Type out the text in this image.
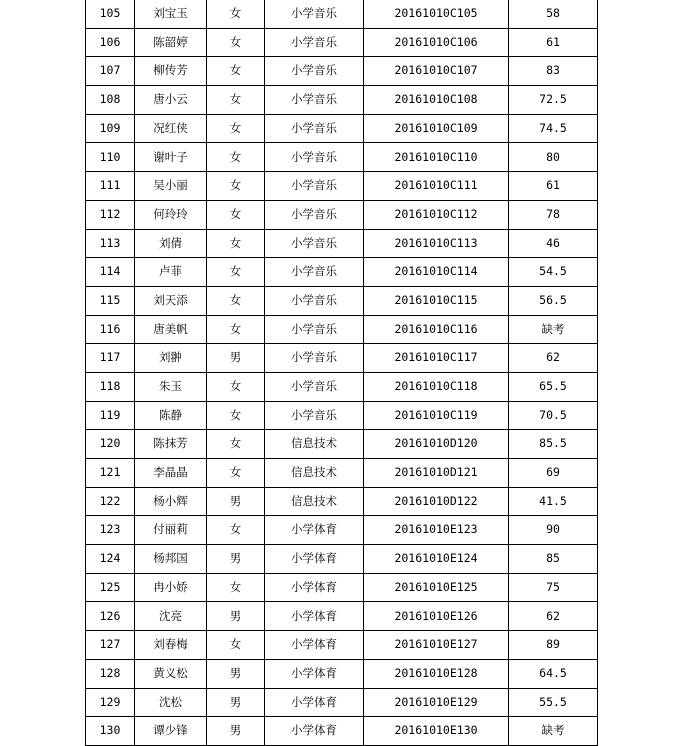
105	刘宝玉	女	小学音乐	20161010C105	58
106	陈韶婷	女	小学音乐	20161010C106	61
107	柳传芳	女	小学音乐	20161010C107	83
108	唐小云	女	小学音乐	20161010C108	72.5
109	况红侠	女	小学音乐	20161010C109	74.5
110	谢叶子	女	小学音乐	20161010C110	80
111	吴小丽	女	小学音乐	20161010C111	61
112	何玲玲	女	小学音乐	20161010C112	78
113	刘倩	女	小学音乐	20161010C113	46
114	卢菲	女	小学音乐	20161010C114	54.5
115	刘天添	女	小学音乐	20161010C115	56.5
116	唐美帆	女	小学音乐	20161010C116	缺考
117	刘翀	男	小学音乐	20161010C117	62
118	朱玉	女	小学音乐	20161010C118	65.5
119	陈静	女	小学音乐	20161010C119	70.5
120	陈抹芳	女	信息技术	20161010D120	85.5
121	李晶晶	女	信息技术	20161010D121	69
122	杨小辉	男	信息技术	20161010D122	41.5
123	付丽莉	女	小学体育	20161010E123	90
124	杨邦国	男	小学体育	20161010E124	85
125	冉小娇	女	小学体育	20161010E125	75
126	沈亮	男	小学体育	20161010E126	62
127	刘春梅	女	小学体育	20161010E127	89
128	黄义松	男	小学体育	20161010E128	64.5
129	沈松	男	小学体育	20161010E129	55.5
130	谭少锋	男	小学体育	20161010E130	缺考
